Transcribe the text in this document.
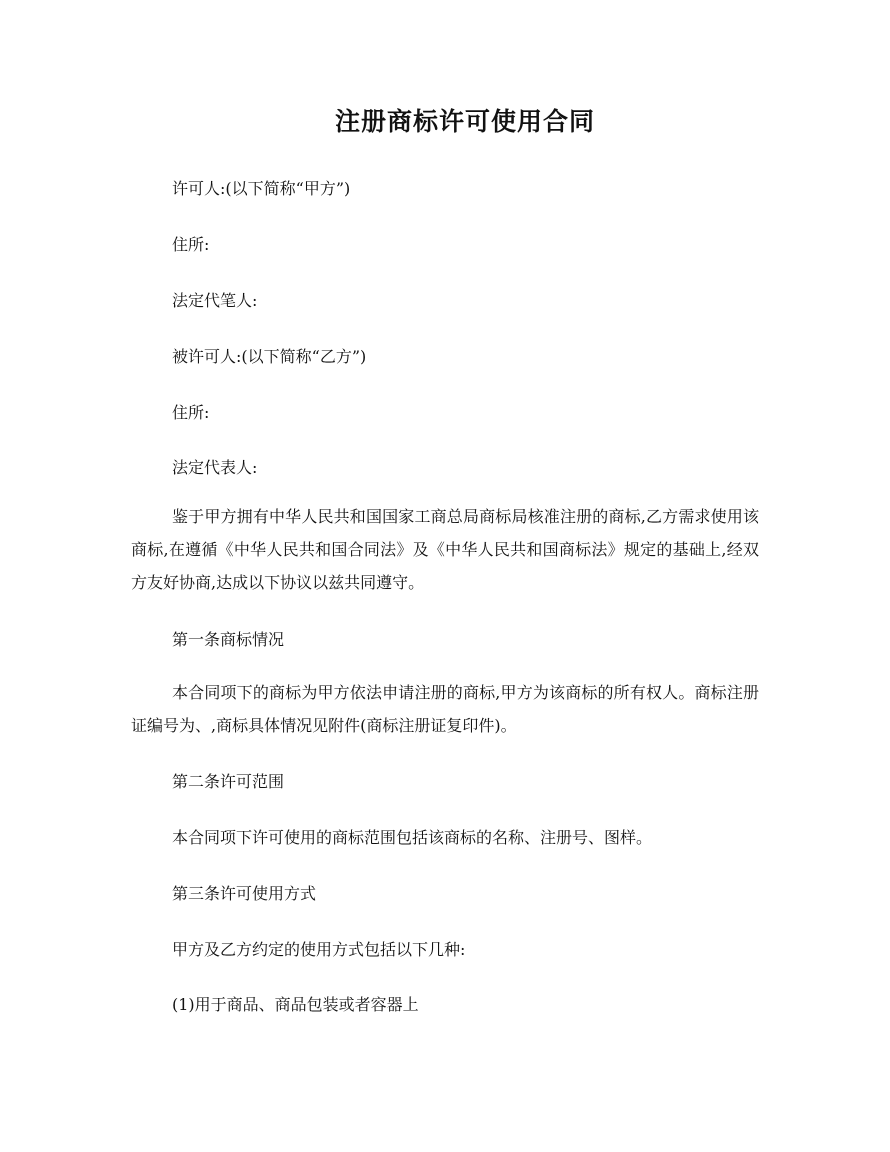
注册商标许可使用合同
许可人:(以下简称“甲方”)
住所:
法定代笔人:
被许可人:(以下简称“乙方”)
住所:
法定代表人:
鉴于甲方拥有中华人民共和国国家工商总局商标局核准注册的商标,乙方需求使用该商标,在遵循《中华人民共和国合同法》及《中华人民共和国商标法》规定的基础上,经双方友好协商,达成以下协议以兹共同遵守。
第一条商标情况
本合同项下的商标为甲方依法申请注册的商标,甲方为该商标的所有权人。商标注册证编号为、,商标具体情况见附件(商标注册证复印件)。
第二条许可范围
本合同项下许可使用的商标范围包括该商标的名称、注册号、图样。
第三条许可使用方式
甲方及乙方约定的使用方式包括以下几种:
(1)用于商品、商品包装或者容器上
